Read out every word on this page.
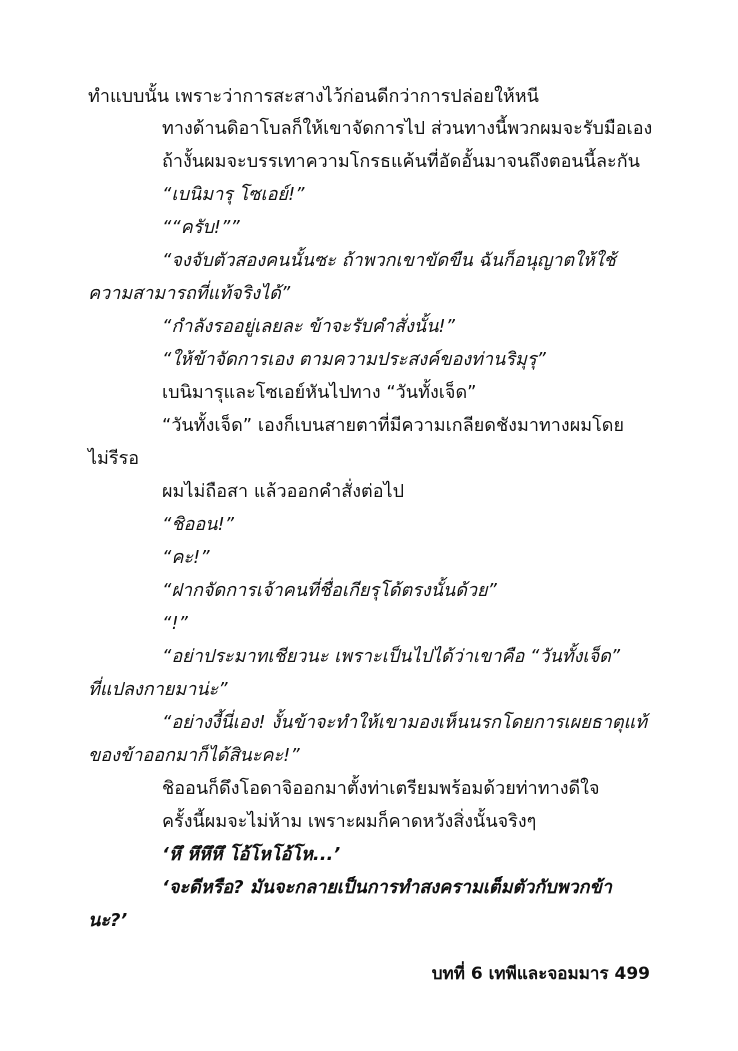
ทำแบบนั้น เพราะว่าการสะสางไว้ก่อนดีกว่าการปล่อยให้หนี
ทางด้านดิอาโบลก็ให้เขาจัดการไป ส่วนทางนี้พวกผมจะรับมือเอง
ถ้างั้นผมจะบรรเทาความโกรธแค้นที่อัดอั้นมาจนถึงตอนนี้ละกัน
“เบนิมารุ โซเอย์!”
““ครับ!””
“จงจับตัวสองคนนั้นซะ ถ้าพวกเขาขัดขืน ฉันก็อนุญาตให้ใช้
ความสามารถที่แท้จริงได้”
“กำลังรออยู่เลยละ ข้าจะรับคำสั่งนั้น!”
“ให้ข้าจัดการเอง ตามความประสงค์ของท่านริมุรุ”
เบนิมารุและโซเอย์หันไปทาง “วันทั้งเจ็ด”
“วันทั้งเจ็ด” เองก็เบนสายตาที่มีความเกลียดชังมาทางผมโดย
ไม่รีรอ
ผมไม่ถือสา แล้วออกคำสั่งต่อไป
“ชิออน!”
“คะ!”
“ฝากจัดการเจ้าคนที่ชื่อเกียรุโด้ตรงนั้นด้วย”
“!”
“อย่าประมาทเชียวนะ เพราะเป็นไปได้ว่าเขาคือ “วันทั้งเจ็ด”
ที่แปลงกายมาน่ะ”
“อย่างงี้นี่เอง! งั้นข้าจะทำให้เขามองเห็นนรกโดยการเผยธาตุแท้
ของข้าออกมาก็ได้สินะคะ!”
ชิออนก็ดึงโอดาจิออกมาตั้งท่าเตรียมพร้อมด้วยท่าทางดีใจ
ครั้งนี้ผมจะไม่ห้าม เพราะผมก็คาดหวังสิ่งนั้นจริงๆ
‘หึ หึหึหึ โอ้โหโอ้โห...’
‘จะดีหรือ? มันจะกลายเป็นการทำสงครามเต็มตัวกับพวกข้า
นะ?’
บทที่ 6 เทพีและจอมมาร 499
